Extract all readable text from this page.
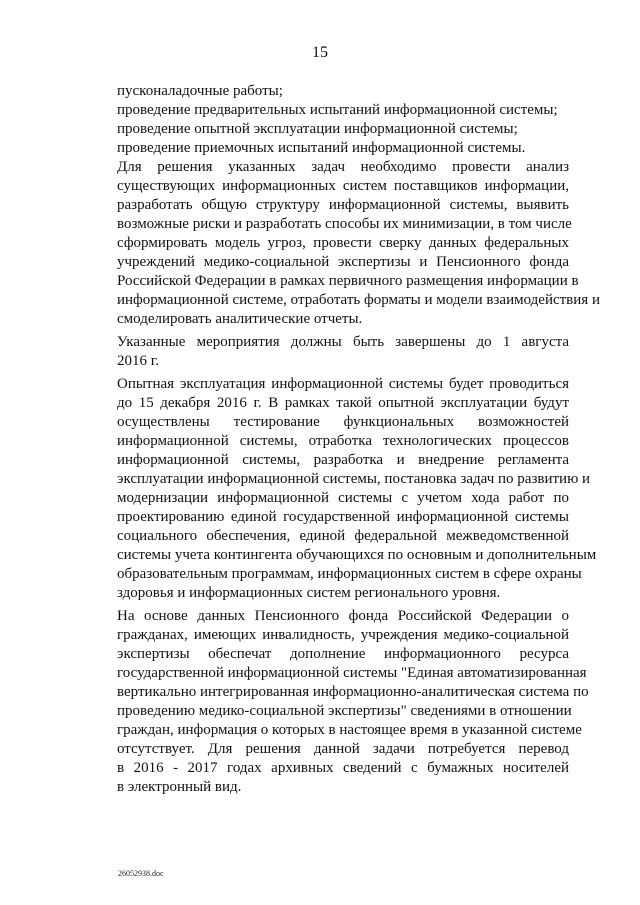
15
пусконаладочные работы;
проведение предварительных испытаний информационной системы;
проведение опытной эксплуатации информационной системы;
проведение приемочных испытаний информационной системы.
Для решения указанных задач необходимо провести анализ
существующих информационных систем поставщиков информации,
разработать общую структуру информационной системы, выявить
возможные риски и разработать способы их минимизации, в том числе
сформировать модель угроз, провести сверку данных федеральных
учреждений медико-социальной экспертизы и Пенсионного фонда
Российской Федерации в рамках первичного размещения информации в
информационной системе, отработать форматы и модели взаимодействия и
смоделировать аналитические отчеты.
Указанные мероприятия должны быть завершены до 1 августа
2016 г.
Опытная эксплуатация информационной системы будет проводиться
до 15 декабря 2016 г. В рамках такой опытной эксплуатации будут
осуществлены тестирование функциональных возможностей
информационной системы, отработка технологических процессов
информационной системы, разработка и внедрение регламента
эксплуатации информационной системы, постановка задач по развитию и
модернизации информационной системы с учетом хода работ по
проектированию единой государственной информационной системы
социального обеспечения, единой федеральной межведомственной
системы учета контингента обучающихся по основным и дополнительным
образовательным программам, информационных систем в сфере охраны
здоровья и информационных систем регионального уровня.
На основе данных Пенсионного фонда Российской Федерации о
гражданах, имеющих инвалидность, учреждения медико-социальной
экспертизы обеспечат дополнение информационного ресурса
государственной информационной системы "Единая автоматизированная
вертикально интегрированная информационно-аналитическая система по
проведению медико-социальной экспертизы" сведениями в отношении
граждан, информация о которых в настоящее время в указанной системе
отсутствует. Для решения данной задачи потребуется перевод
в 2016 - 2017 годах архивных сведений с бумажных носителей
в электронный вид.
26052938.doc
